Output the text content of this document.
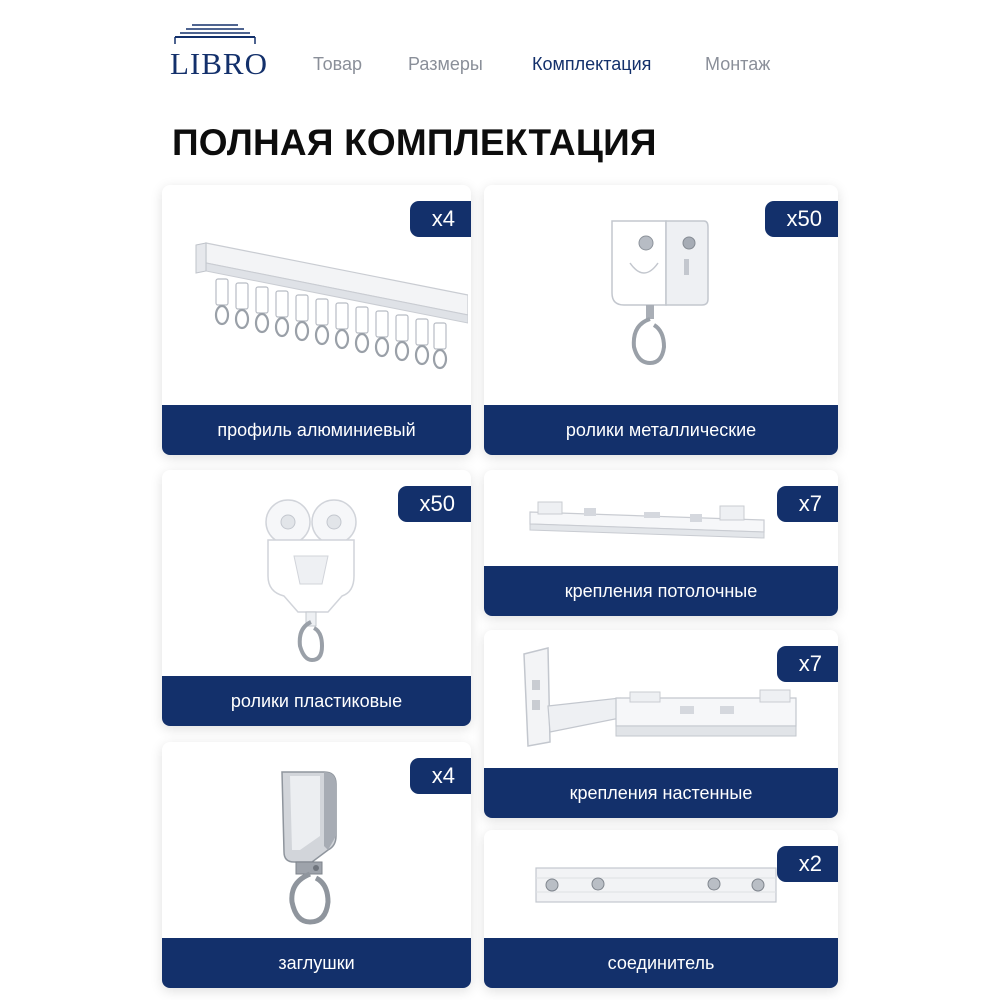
LIBRO	Товар	Размеры	Комплектация	Монтаж
ПОЛНАЯ КОМПЛЕКТАЦИЯ
x4
профиль алюминиевый
x50
ролики металлические
x50
ролики пластиковые
x7
крепления потолочные
x7
крепления настенные
x4
заглушки
x2
соединитель
